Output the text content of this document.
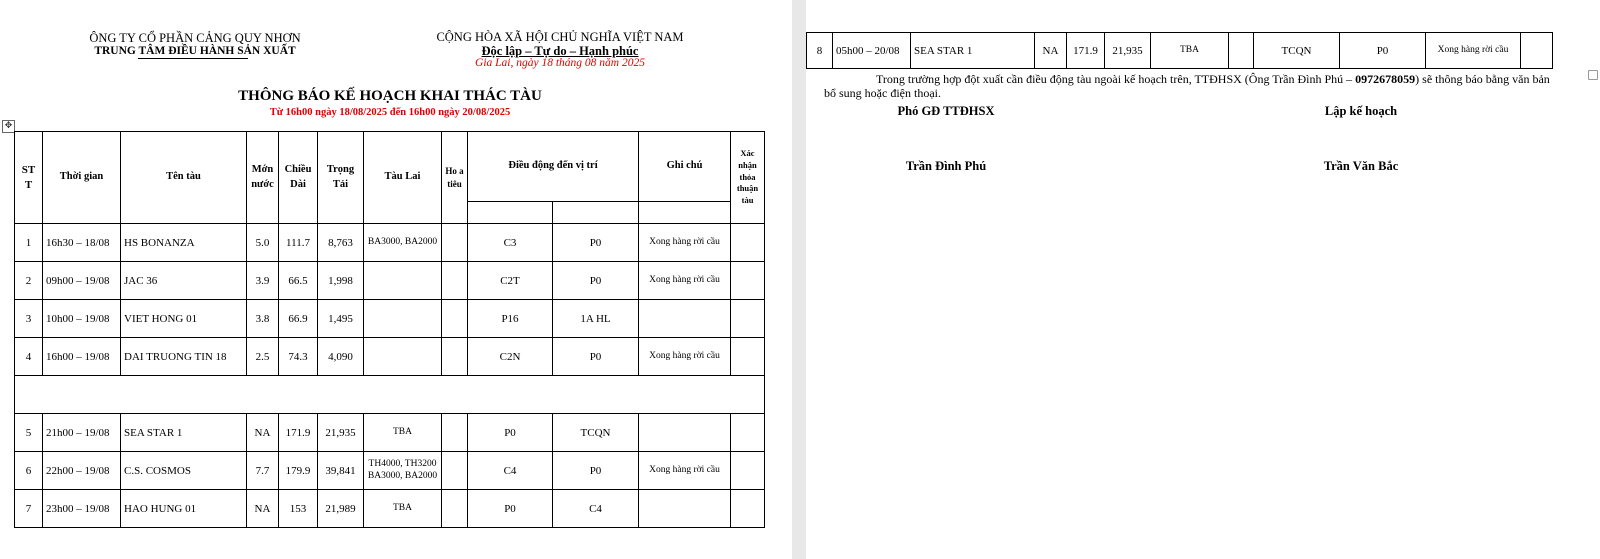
ÔNG TY CỔ PHẦN CẢNG QUY NHƠN
TRUNG TÂM ĐIỀU HÀNH SẢN XUẤT
CỘNG HÒA XÃ HỘI CHỦ NGHĨA VIỆT NAM
Độc lập – Tự do – Hạnh phúc
Gia Lai, ngày 18 tháng 08 năm 2025
THÔNG BÁO KẾ HOẠCH KHAI THÁC TÀU
Từ 16h00 ngày 18/08/2025 đến 16h00 ngày 20/08/2025
✥
ST T	Thời gian	Tên tàu	Mớn nước	Chiều Dài	Trọng Tải	Tàu Lai	Ho a tiêu	Điều động đến vị trí		Ghi chú	Xác nhận thỏa thuận tàu

1	16h30 – 18/08	HS BONANZA	5.0	111.7	8,763	BA3000, BA2000		C3	P0	Xong hàng rời cầu	
2	09h00 – 19/08	JAC 36	3.9	66.5	1,998			C2T	P0	Xong hàng rời cầu	
3	10h00 – 19/08	VIET HONG 01	3.8	66.9	1,495			P16	1A HL		
4	16h00 – 19/08	DAI TRUONG TIN 18	2.5	74.3	4,090			C2N	P0	Xong hàng rời cầu	

5	21h00 – 19/08	SEA STAR 1	NA	171.9	21,935	TBA		P0	TCQN		
6	22h00 – 19/08	C.S. COSMOS	7.7	179.9	39,841	TH4000, TH3200 BA3000, BA2000		C4	P0	Xong hàng rời cầu	
7	23h00 – 19/08	HAO HUNG 01	NA	153	21,989	TBA		P0	C4		
8	05h00 – 20/08	SEA STAR 1	NA	171.9	21,935	TBA		TCQN	P0	Xong hàng rời cầu	
Trong trường hợp đột xuất cần điều động tàu ngoài kế hoạch trên, TTĐHSX (Ông Trần Đình Phú – 0972678059) sẽ thông báo bằng văn bản bổ sung hoặc điện thoại.
Phó GĐ TTĐHSX
Trần Đình Phú
Lập kế hoạch
Trần Văn Bắc
